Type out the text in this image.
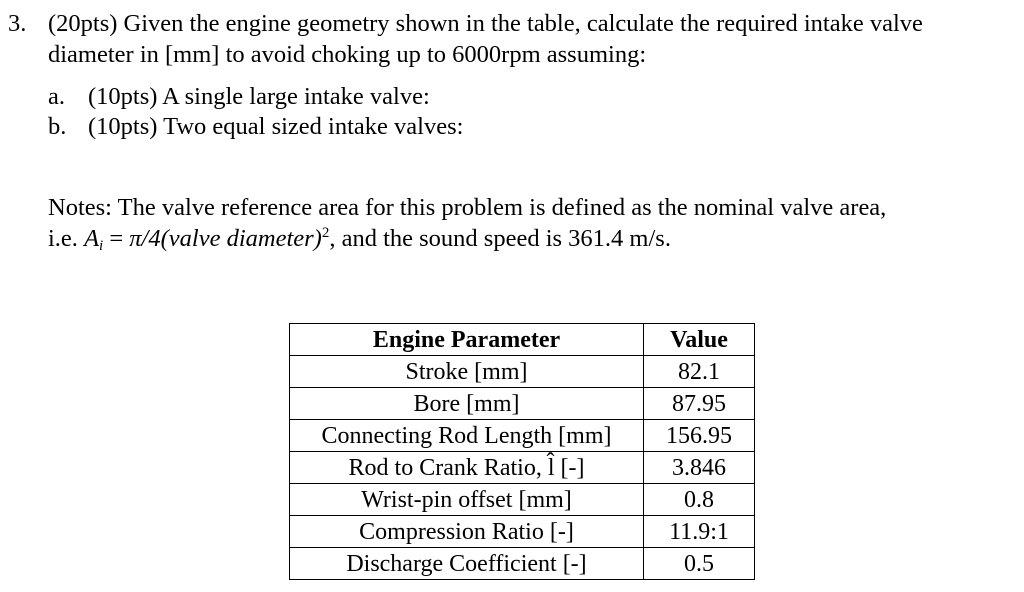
3. (20pts) Given the engine geometry shown in the table, calculate the required intake valve
diameter in [mm] to avoid choking up to 6000rpm assuming:
a. (10pts) A single large intake valve:
b. (10pts) Two equal sized intake valves:
Notes: The valve reference area for this problem is defined as the nominal valve area,
i.e. $A_i$ = π/4(valve diameter)$^2$, and the sound speed is 361.4 m/s.
Engine Parameter	Value
Stroke [mm]	82.1
Bore [mm]	87.95
Connecting Rod Length [mm]	156.95
Rod to Crank Ratio, l̂ [-]	3.846
Wrist-pin offset [mm]	0.8
Compression Ratio [-]	11.9:1
Discharge Coefficient [-]	0.5
